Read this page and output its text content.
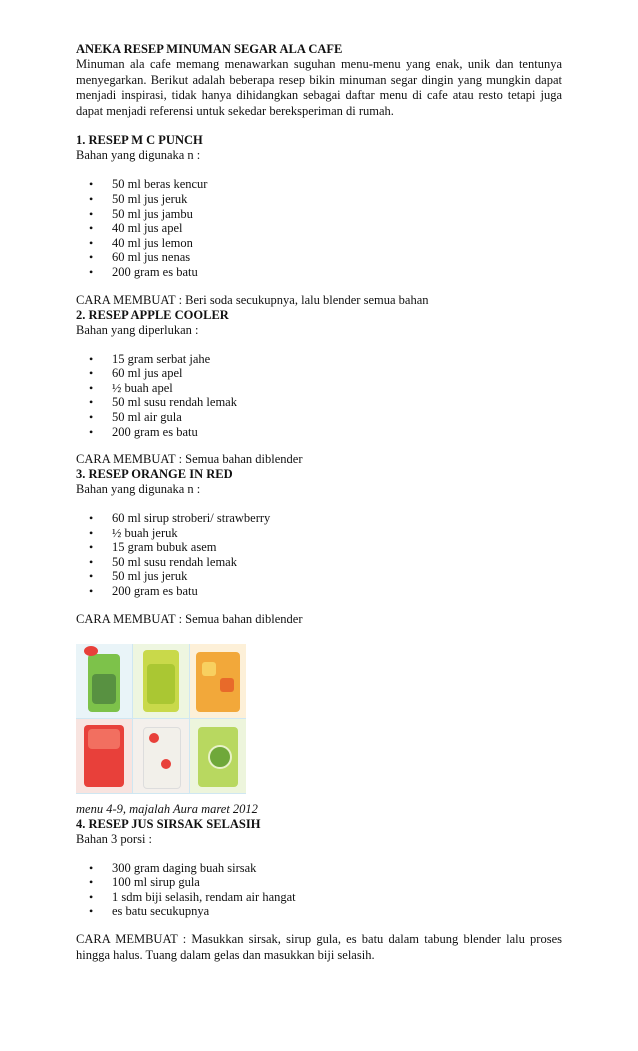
ANEKA RESEP MINUMAN SEGAR ALA CAFE

Minuman ala cafe memang menawarkan suguhan menu-menu yang enak, unik dan tentunya menyegarkan. Berikut adalah beberapa resep bikin minuman segar dingin yang mungkin dapat menjadi inspirasi, tidak hanya dihidangkan sebagai daftar menu di cafe atau resto tetapi juga dapat menjadi referensi untuk sekedar bereksperiman di rumah.

1. RESEP M C PUNCH

Bahan yang digunaka n :

• 50 ml beras kencur
• 50 ml jus jeruk
• 50 ml jus jambu
• 40 ml jus apel
• 40 ml jus lemon
• 60 ml jus nenas
• 200 gram es batu

CARA MEMBUAT : Beri soda secukupnya, lalu blender semua bahan

2. RESEP APPLE COOLER

Bahan yang diperlukan :

• 15 gram serbat jahe
• 60 ml jus apel
• ½ buah apel
• 50 ml susu rendah lemak
• 50 ml air gula
• 200 gram es batu

CARA MEMBUAT : Semua bahan diblender

3. RESEP ORANGE IN RED

Bahan yang digunaka n :

• 60 ml sirup stroberi/ strawberry
• ½ buah jeruk
• 15 gram bubuk asem
• 50 ml susu rendah lemak
• 50 ml jus jeruk
• 200 gram es batu

CARA MEMBUAT : Semua bahan diblender

menu 4-9, majalah Aura maret 2012

4. RESEP JUS SIRSAK SELASIH

Bahan 3 porsi :

• 300 gram daging buah sirsak
• 100 ml sirup gula
• 1 sdm biji selasih, rendam air hangat
• es batu secukupnya

CARA MEMBUAT : Masukkan sirsak, sirup gula, es batu dalam tabung blender lalu proses hingga halus. Tuang dalam gelas dan masukkan biji selasih.
